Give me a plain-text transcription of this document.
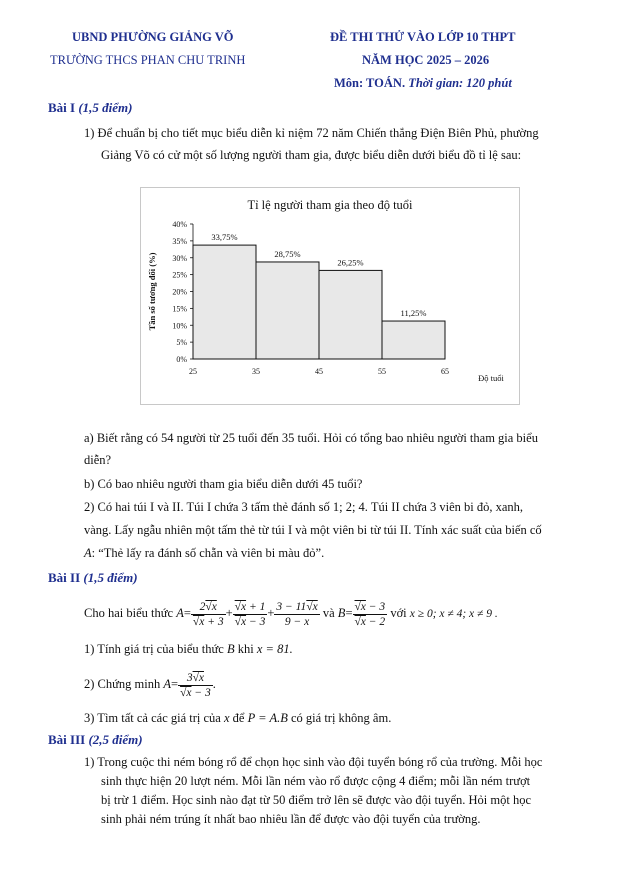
UBND PHƯỜNG GIẢNG VÕ
TRƯỜNG THCS PHAN CHU TRINH
ĐỀ THI THỬ VÀO LỚP 10 THPT
NĂM HỌC 2025 – 2026
Môn: TOÁN. Thời gian: 120 phút
Bài I (1,5 điểm)
1) Để chuẩn bị cho tiết mục biểu diễn kỉ niệm 72 năm Chiến thắng Điện Biên Phủ, phường
Giảng Võ có cử một số lượng người tham gia, được biểu diễn dưới biểu đồ tỉ lệ sau:
Tỉ lệ người tham gia theo độ tuổi
0%
5%
10%
15%
20%
25%
30%
35%
40%
33,75%
28,75%
26,25%
11,25%
25	35	45	55	65
Độ tuổi
Tần số tương đối (%)
a) Biết rằng có 54 người từ 25 tuổi đến 35 tuổi. Hỏi có tổng bao nhiêu người tham gia biểu
diễn?
b) Có bao nhiêu người tham gia biểu diễn dưới 45 tuổi?
2) Có hai túi I và II. Túi I chứa 3 tấm thẻ đánh số 1; 2; 4. Túi II chứa 3 viên bi đỏ, xanh,
vàng. Lấy ngẫu nhiên một tấm thẻ từ túi I và một viên bi từ túi II. Tính xác suất của biến cố
A: “Thẻ lấy ra đánh số chẵn và viên bi màu đỏ”.
Bài II (1,5 điểm)
Cho hai biểu thức $A= \frac{2√x}{√x + 3} + \frac{√x + 1}{√x - 3} + \frac{3 - 11√x}{9 - x}$ và $B= \frac{√x - 3}{√x - 2}$ với x ≥ 0; x ≠ 4; x ≠ 9 .
1) Tính giá trị của biểu thức B khi x = 81.
2) Chứng minh $A= \frac{3√x}{√x - 3}$ .
3) Tìm tất cả các giá trị của x để P = A.B có giá trị không âm.
Bài III (2,5 điểm)
1) Trong cuộc thi ném bóng rổ để chọn học sinh vào đội tuyển bóng rổ của trường. Mỗi học
sinh thực hiện 20 lượt ném. Mỗi lần ném vào rổ được cộng 4 điểm; mỗi lần ném trượt
bị trừ 1 điểm. Học sinh nào đạt từ 50 điểm trở lên sẽ được vào đội tuyển. Hỏi một học
sinh phải ném trúng ít nhất bao nhiêu lần để được vào đội tuyển của trường.
